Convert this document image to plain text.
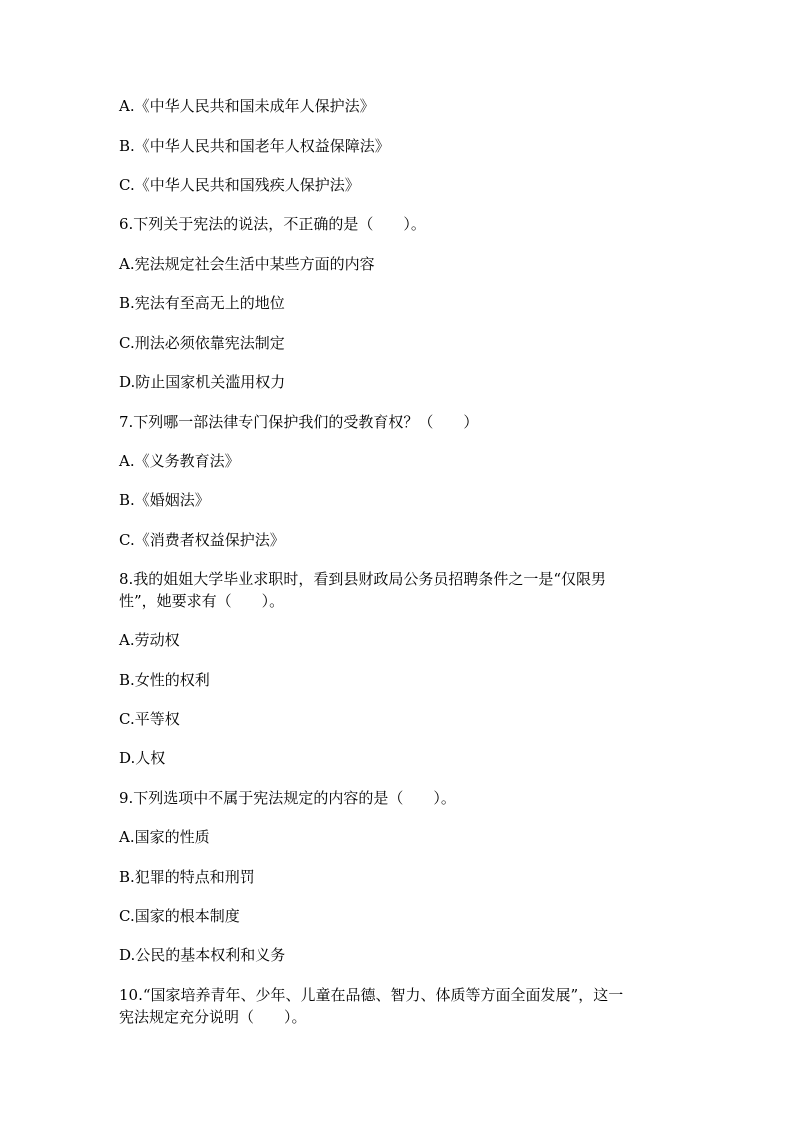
A.《中华人民共和国未成年人保护法》
B.《中华人民共和国老年人权益保障法》
C.《中华人民共和国残疾人保护法》
6.下列关于宪法的说法，不正确的是（　　）。
A.宪法规定社会生活中某些方面的内容
B.宪法有至高无上的地位
C.刑法必须依靠宪法制定
D.防止国家机关滥用权力
7.下列哪一部法律专门保护我们的受教育权？（　　）
A.《义务教育法》
B.《婚姻法》
C.《消费者权益保护法》
8.我的姐姐大学毕业求职时，看到县财政局公务员招聘条件之一是“仅限男
性”，她要求有（　　）。
A.劳动权
B.女性的权利
C.平等权
D.人权
9.下列选项中不属于宪法规定的内容的是（　　）。
A.国家的性质
B.犯罪的特点和刑罚
C.国家的根本制度
D.公民的基本权利和义务
10.“国家培养青年、少年、儿童在品德、智力、体质等方面全面发展”，这一
宪法规定充分说明（　　）。
